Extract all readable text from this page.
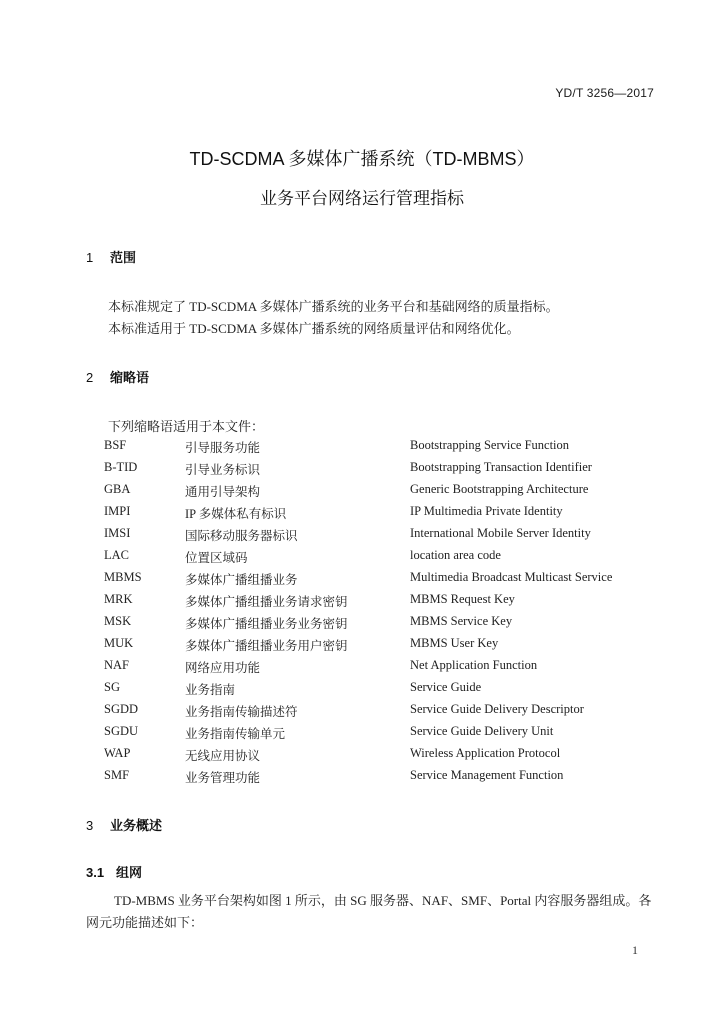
YD/T 3256—2017
TD-SCDMA 多媒体广播系统（TD-MBMS）
业务平台网络运行管理指标
1 范围
本标准规定了 TD-SCDMA 多媒体广播系统的业务平台和基础网络的质量指标。
本标准适用于 TD-SCDMA 多媒体广播系统的网络质量评估和网络优化。
2 缩略语
下列缩略语适用于本文件：
BSF	引导服务功能	Bootstrapping Service Function
B-TID	引导业务标识	Bootstrapping Transaction Identifier
GBA	通用引导架构	Generic Bootstrapping Architecture
IMPI	IP 多媒体私有标识	IP Multimedia Private Identity
IMSI	国际移动服务器标识	International Mobile Server Identity
LAC	位置区域码	location area code
MBMS	多媒体广播组播业务	Multimedia Broadcast Multicast Service
MRK	多媒体广播组播业务请求密钥	MBMS Request Key
MSK	多媒体广播组播业务业务密钥	MBMS Service Key
MUK	多媒体广播组播业务用户密钥	MBMS User Key
NAF	网络应用功能	Net Application Function
SG	业务指南	Service Guide
SGDD	业务指南传输描述符	Service Guide Delivery Descriptor
SGDU	业务指南传输单元	Service Guide Delivery Unit
WAP	无线应用协议	Wireless Application Protocol
SMF	业务管理功能	Service Management Function
3 业务概述
3.1 组网
TD-MBMS 业务平台架构如图 1 所示，由 SG 服务器、NAF、SMF、Portal 内容服务器组成。各网元功能描述如下：
1
